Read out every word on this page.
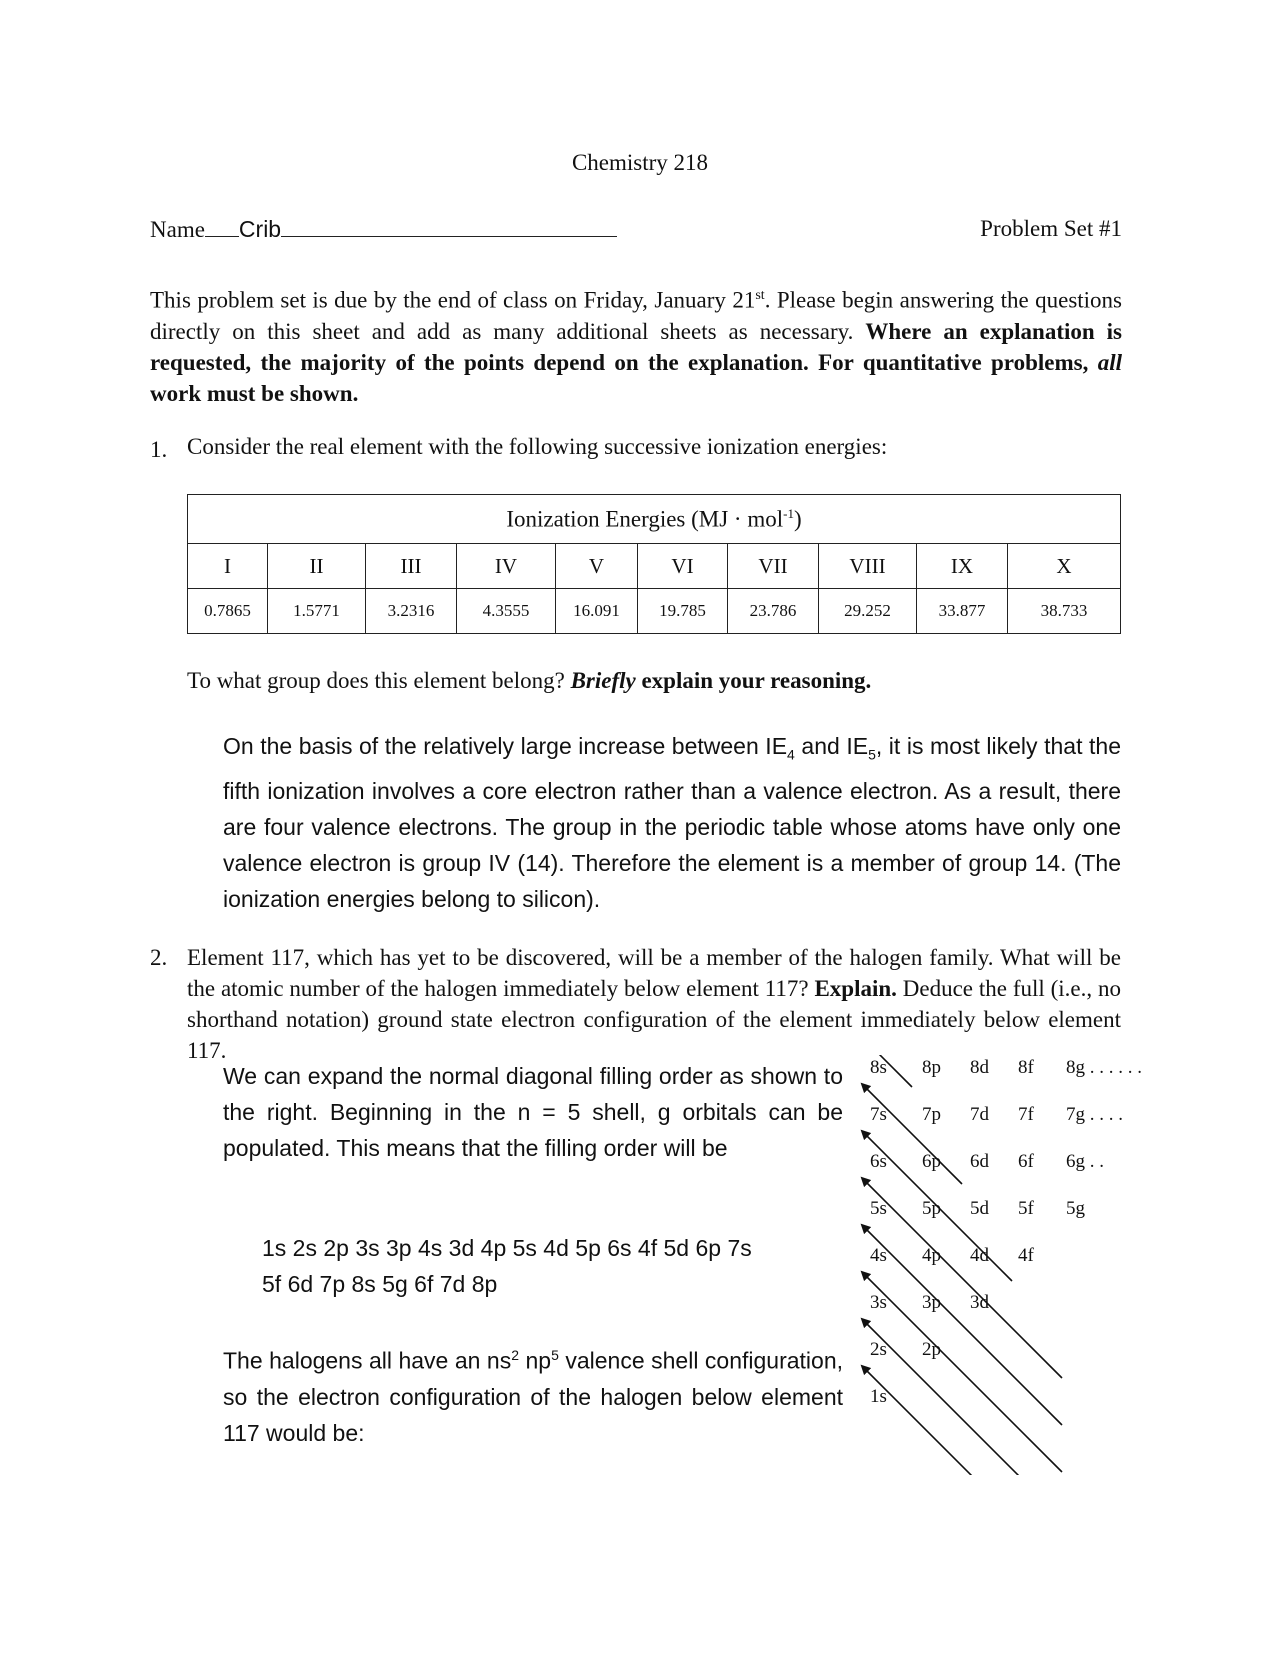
Chemistry 218
Name Crib	Problem Set #1
This problem set is due by the end of class on Friday, January 21st. Please begin answering the questions directly on this sheet and add as many additional sheets as necessary. Where an explanation is requested, the majority of the points depend on the explanation. For quantitative problems, all work must be shown.
1. Consider the real element with the following successive ionization energies:
Ionization Energies (MJ · mol$^{-1}$)									
I	II	III	IV	V	VI	VII	VIII	IX	X
0.7865	1.5771	3.2316	4.3555	16.091	19.785	23.786	29.252	33.877	38.733
To what group does this element belong? Briefly explain your reasoning.
On the basis of the relatively large increase between $IE_4$ and $IE_5$, it is most likely that the fifth ionization involves a core electron rather than a valence electron. As a result, there are four valence electrons. The group in the periodic table whose atoms have only one valence electron is group IV (14). Therefore the element is a member of group 14. (The ionization energies belong to silicon).
2. Element 117, which has yet to be discovered, will be a member of the halogen family. What will be the atomic number of the halogen immediately below element 117? Explain. Deduce the full (i.e., no shorthand notation) ground state electron configuration of the element immediately below element 117.
We can expand the normal diagonal filling order as shown to the right. Beginning in the n = 5 shell, g orbitals can be populated. This means that the filling order will be
1s 2s 2p 3s 3p 4s 3d 4p 5s 4d 5p 6s 4f 5d 6p 7s
5f 6d 7p 8s 5g 6f 7d 8p
The halogens all have an $ns^2$ $np^5$ valence shell configuration, so the electron configuration of the halogen below element 117 would be:
8s 8p 8d 8f 8g . . . . . .
7s 7p 7d 7f 7g . . . .
6s 6p 6d 6f 6g . .
5s 5p 5d 5f 5g
4s 4p 4d 4f
3s 3p 3d
2s 2p
1s
